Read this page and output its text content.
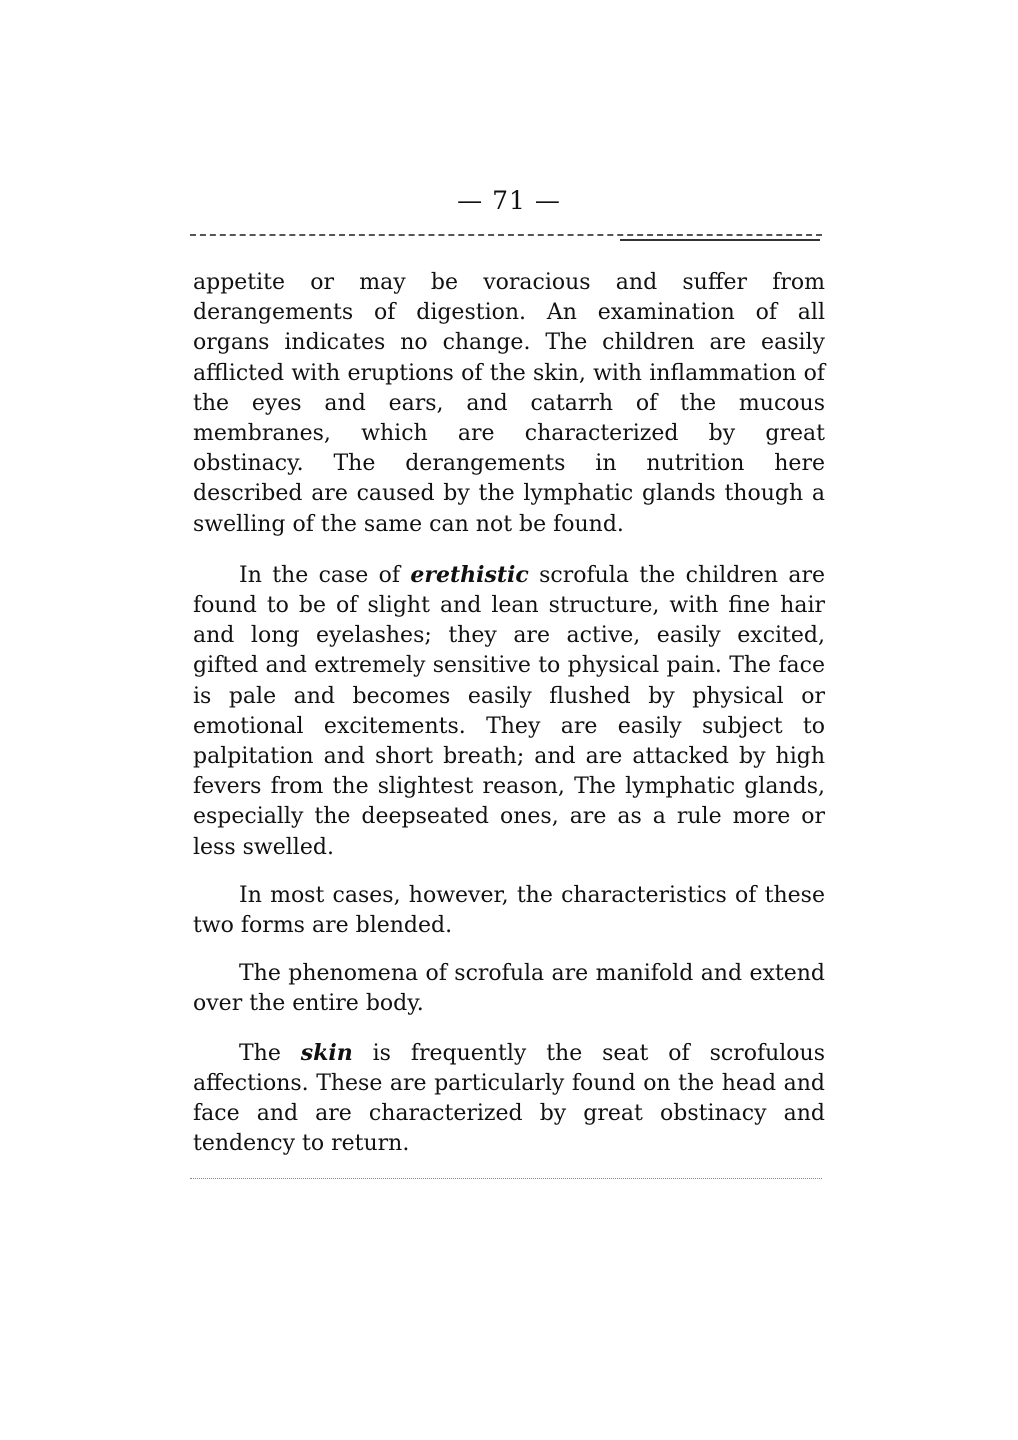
— 71 —

appetite or may be voracious and suffer from derangements of digestion. An examination of all organs indicates no change. The children are easily afflicted with eruptions of the skin, with inflammation of the eyes and ears, and catarrh of the mucous membranes, which are characterized by great obstinacy. The derangements in nutrition here described are caused by the lymphatic glands though a swelling of the same can not be found.

In the case of erethistic scrofula the children are found to be of slight and lean structure, with fine hair and long eyelashes; they are active, easily excited, gifted and extremely sensitive to physical pain. The face is pale and becomes easily flushed by physical or emotional excitements. They are easily subject to palpitation and short breath; and are attacked by high fevers from the slightest reason, The lymphatic glands, especially the deepseated ones, are as a rule more or less swelled.

In most cases, however, the characteristics of these two forms are blended.

The phenomena of scrofula are manifold and extend over the entire body.

The skin is frequently the seat of scrofulous affections. These are particularly found on the head and face and are characterized by great obstinacy and tendency to return.
